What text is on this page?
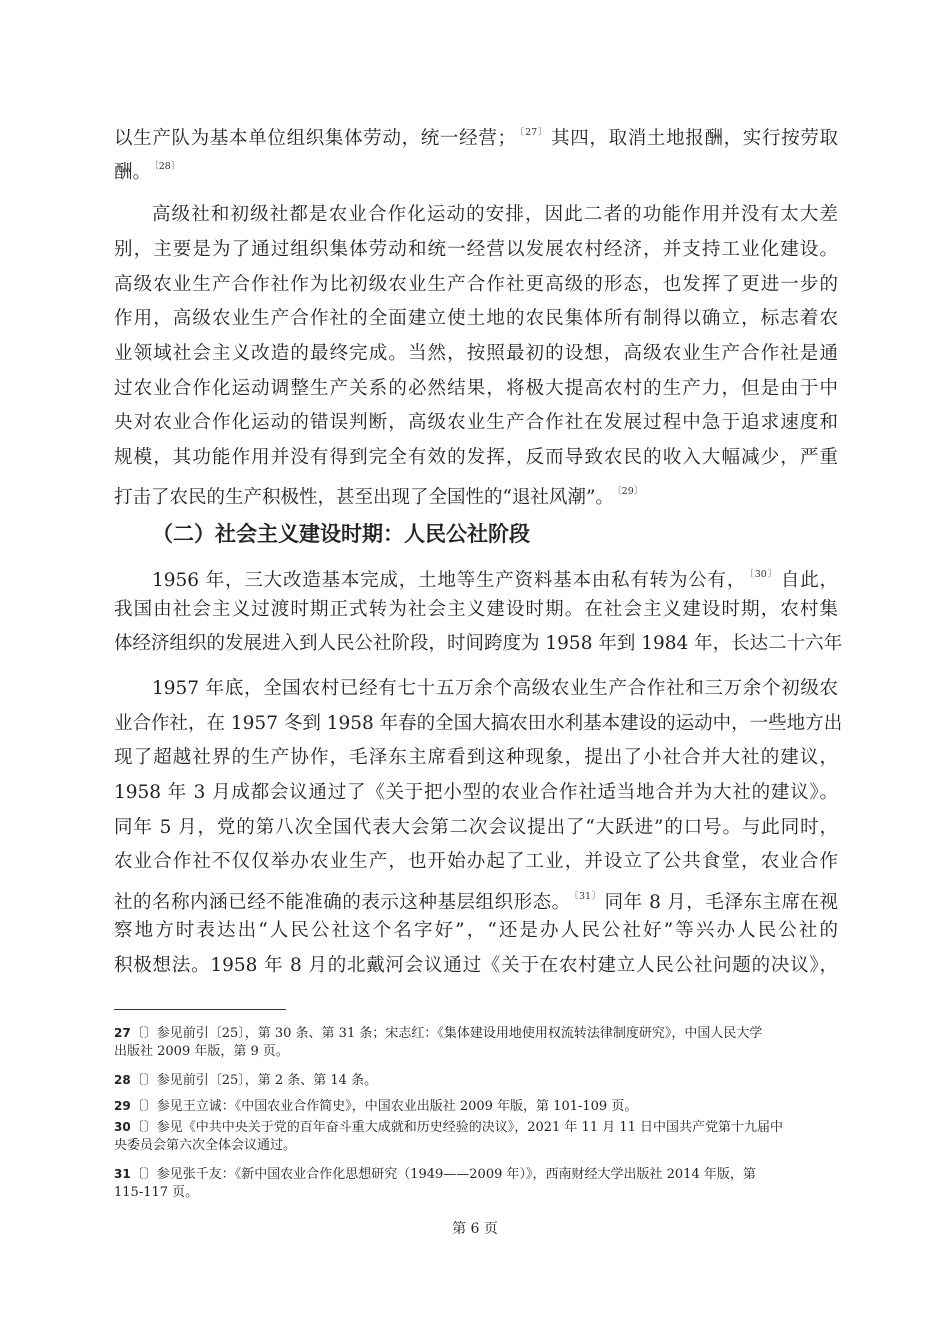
以生产队为基本单位组织集体劳动，统一经营； $^{〔27〕}$ 其四，取消土地报酬，实行按劳取
酬。 $^{〔28〕}$
高级社和初级社都是农业合作化运动的安排，因此二者的功能作用并没有太大差
别，主要是为了通过组织集体劳动和统一经营以发展农村经济，并支持工业化建设。
高级农业生产合作社作为比初级农业生产合作社更高级的形态，也发挥了更进一步的
作用，高级农业生产合作社的全面建立使土地的农民集体所有制得以确立，标志着农
业领域社会主义改造的最终完成。当然，按照最初的设想，高级农业生产合作社是通
过农业合作化运动调整生产关系的必然结果，将极大提高农村的生产力，但是由于中
央对农业合作化运动的错误判断，高级农业生产合作社在发展过程中急于追求速度和
规模，其功能作用并没有得到完全有效的发挥，反而导致农民的收入大幅减少，严重
打击了农民的生产积极性，甚至出现了全国性的“退社风潮”。 $^{〔29〕}$
（二）社会主义建设时期：人民公社阶段
1956 年，三大改造基本完成，土地等生产资料基本由私有转为公有， $^{〔30〕}$ 自此，
我国由社会主义过渡时期正式转为社会主义建设时期。在社会主义建设时期，农村集
体经济组织的发展进入到人民公社阶段，时间跨度为 1958 年到 1984 年，长达二十六年
1957 年底，全国农村已经有七十五万余个高级农业生产合作社和三万余个初级农
业合作社，在 1957 冬到 1958 年春的全国大搞农田水利基本建设的运动中，一些地方出
现了超越社界的生产协作，毛泽东主席看到这种现象，提出了小社合并大社的建议，
1958 年 3 月成都会议通过了《关于把小型的农业合作社适当地合并为大社的建议》。
同年 5 月，党的第八次全国代表大会第二次会议提出了“大跃进”的口号。与此同时，
农业合作社不仅仅举办农业生产，也开始办起了工业，并设立了公共食堂，农业合作
社的名称内涵已经不能准确的表示这种基层组织形态。 $^{〔31〕}$ 同年 8 月，毛泽东主席在视
察地方时表达出“人民公社这个名字好”，“还是办人民公社好”等兴办人民公社的
积极想法。1958 年 8 月的北戴河会议通过《关于在农村建立人民公社问题的决议》，
27〔〕参见前引〔25〕，第 30 条、第 31 条；宋志红：《集体建设用地使用权流转法律制度研究》，中国人民大学
出版社 2009 年版，第 9 页。
28〔〕参见前引〔25〕，第 2 条、第 14 条。
29〔〕参见王立诚：《中国农业合作简史》，中国农业出版社 2009 年版，第 101-109 页。
30〔〕参见《中共中央关于党的百年奋斗重大成就和历史经验的决议》，2021 年 11 月 11 日中国共产党第十九届中
央委员会第六次全体会议通过。
31〔〕参见张千友：《新中国农业合作化思想研究（1949——2009 年）》，西南财经大学出版社 2014 年版，第
115-117 页。
第 6 页
